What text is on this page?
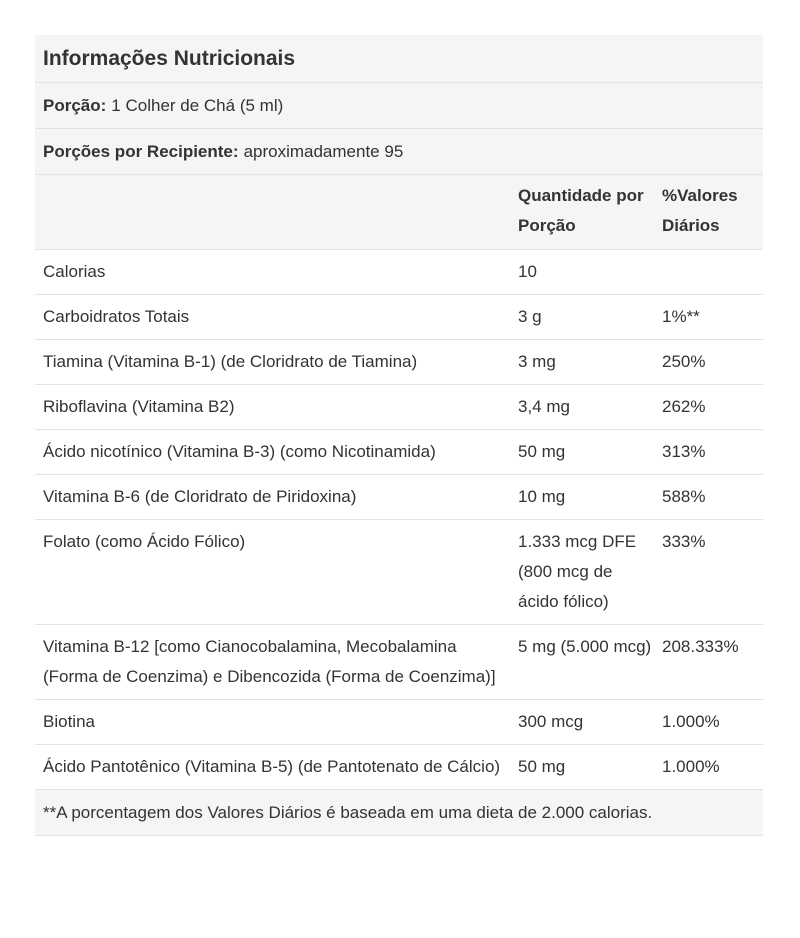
Informações Nutricionais
Porção: 1 Colher de Chá (5 ml)
Porções por Recipiente: aproximadamente 95
	Quantidade por Porção	%Valores Diários
Calorias	10	
Carboidratos Totais	3 g	1%**
Tiamina (Vitamina B-1) (de Cloridrato de Tiamina)	3 mg	250%
Riboflavina (Vitamina B2)	3,4 mg	262%
Ácido nicotínico (Vitamina B-3) (como Nicotinamida)	50 mg	313%
Vitamina B-6 (de Cloridrato de Piridoxina)	10 mg	588%
Folato (como Ácido Fólico)	1.333 mcg DFE (800 mcg de ácido fólico)	333%
Vitamina B-12 [como Cianocobalamina, Mecobalamina (Forma de Coenzima) e Dibencozida (Forma de Coenzima)]	5 mg (5.000 mcg)	208.333%
Biotina	300 mcg	1.000%
Ácido Pantotênico (Vitamina B-5) (de Pantotenato de Cálcio)	50 mg	1.000%
**A porcentagem dos Valores Diários é baseada em uma dieta de 2.000 calorias.
